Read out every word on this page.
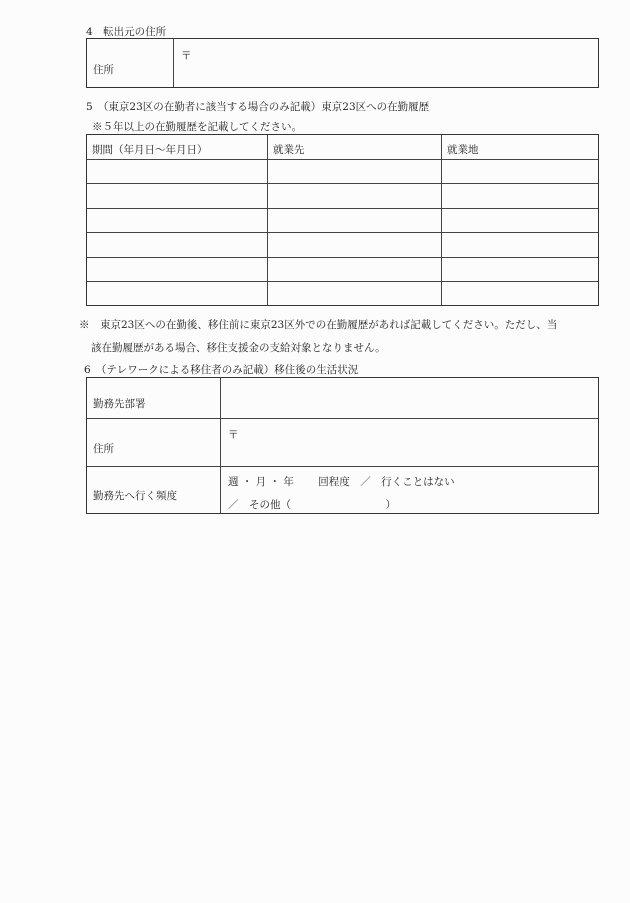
4　転出元の住所
住所
〒
5　（東京23区の在勤者に該当する場合のみ記載）東京23区への在勤履歴
※５年以上の在勤履歴を記載してください。
期間（年月日～年月日）	就業先	就業地
※　東京23区への在勤後、移住前に東京23区外での在勤履歴があれば記載してください。ただし、当
該在勤履歴がある場合、移住支援金の支給対象となりません。
6　（テレワークによる移住者のみ記載）移住後の生活状況
勤務先部署
住所
〒
勤務先へ行く頻度
週 ・ 月 ・ 年　　 回程度　／　行くことはない
／　その他（　　　　　　　　　）
